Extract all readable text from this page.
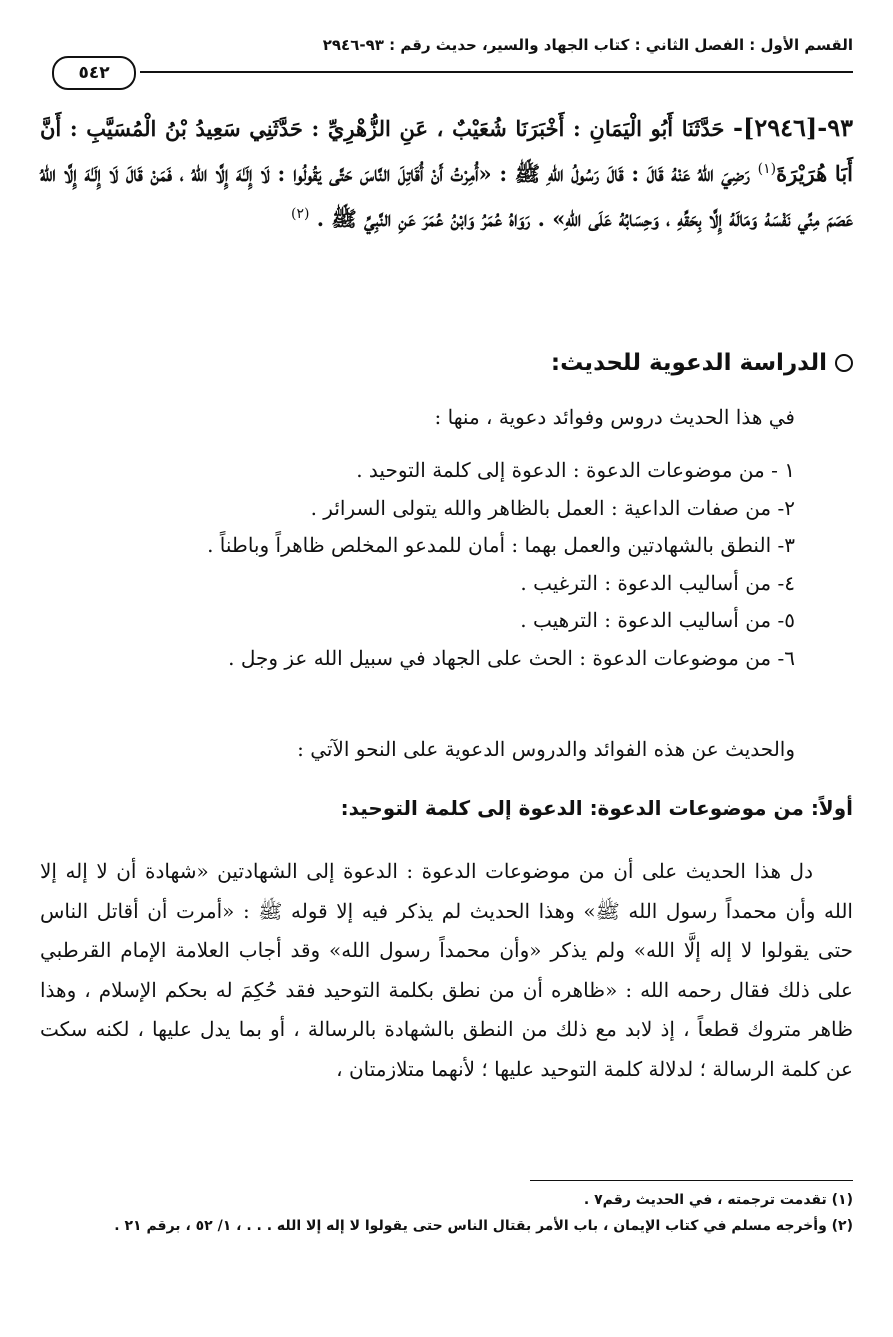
القسم الأول : الفصل الثاني : كتاب الجهاد والسير، حديث رقم : ٩٣-٢٩٤٦
٥٤٢
٩٣-[٢٩٤٦]- حَدَّثَنَا أَبُو الْيَمَانِ : أَخْبَرَنَا شُعَيْبٌ ، عَنِ الزُّهْرِيِّ : حَدَّثَنِي سَعِيدُ بْنُ الْمُسَيَّبِ : أَنَّ أَبَا هُرَيْرَةَ$^{(١)}$ رَضِيَ اللهُ عَنْهُ قَالَ : قَالَ رَسُولُ اللهِ ﷺ : «أُمِرْتُ أَنْ أُقَاتِلَ النَّاسَ حَتَّى يَقُولُوا : لَا إِلَـٰهَ إِلَّا اللهُ ، فَمَنْ قَالَ لَا إِلَـٰهَ إِلَّا اللهُ عَصَمَ مِنِّي نَفْسَهُ وَمَالَهُ إِلَّا بِحَقِّهِ ، وَحِسَابُهُ عَلَى اللهِ» . رَوَاهُ عُمَرُ وَابْنُ عُمَرَ عَنِ النَّبِيِّ ﷺ . $^{(٢)}$
الدراسة الدعوية للحديث:
في هذا الحديث دروس وفوائد دعوية ، منها :
١ - من موضوعات الدعوة : الدعوة إلى كلمة التوحيد .
٢- من صفات الداعية : العمل بالظاهر والله يتولى السرائر .
٣- النطق بالشهادتين والعمل بهما : أمان للمدعو المخلص ظاهراً وباطناً .
٤- من أساليب الدعوة : الترغيب .
٥- من أساليب الدعوة : الترهيب .
٦- من موضوعات الدعوة : الحث على الجهاد في سبيل الله عز وجل .
والحديث عن هذه الفوائد والدروس الدعوية على النحو الآتي :
أولاً: من موضوعات الدعوة: الدعوة إلى كلمة التوحيد:

دل هذا الحديث على أن من موضوعات الدعوة : الدعوة إلى الشهادتين «شهادة أن لا إله إلا الله وأن محمداً رسول الله ﷺ» وهذا الحديث لم يذكر فيه إلا قوله ﷺ : «أمرت أن أقاتل الناس حتى يقولوا لا إله إلَّا الله» ولم يذكر «وأن محمداً رسول الله» وقد أجاب العلامة الإمام القرطبي على ذلك فقال رحمه الله : «ظاهره أن من نطق بكلمة التوحيد فقد حُكِمَ له بحكم الإسلام ، وهذا ظاهر متروك قطعاً ، إذ لابد مع ذلك من النطق بالشهادة بالرسالة ، أو بما يدل عليها ، لكنه سكت عن كلمة الرسالة ؛ لدلالة كلمة التوحيد عليها ؛ لأنهما متلازمتان ،

(١) تقدمت ترجمته ، في الحديث رقم٧ .
(٢) وأخرجه مسلم في كتاب الإيمان ، باب الأمر بقتال الناس حتى يقولوا لا إله إلا الله . . . ، ١/ ٥٢ ، برقم ٢١ .
